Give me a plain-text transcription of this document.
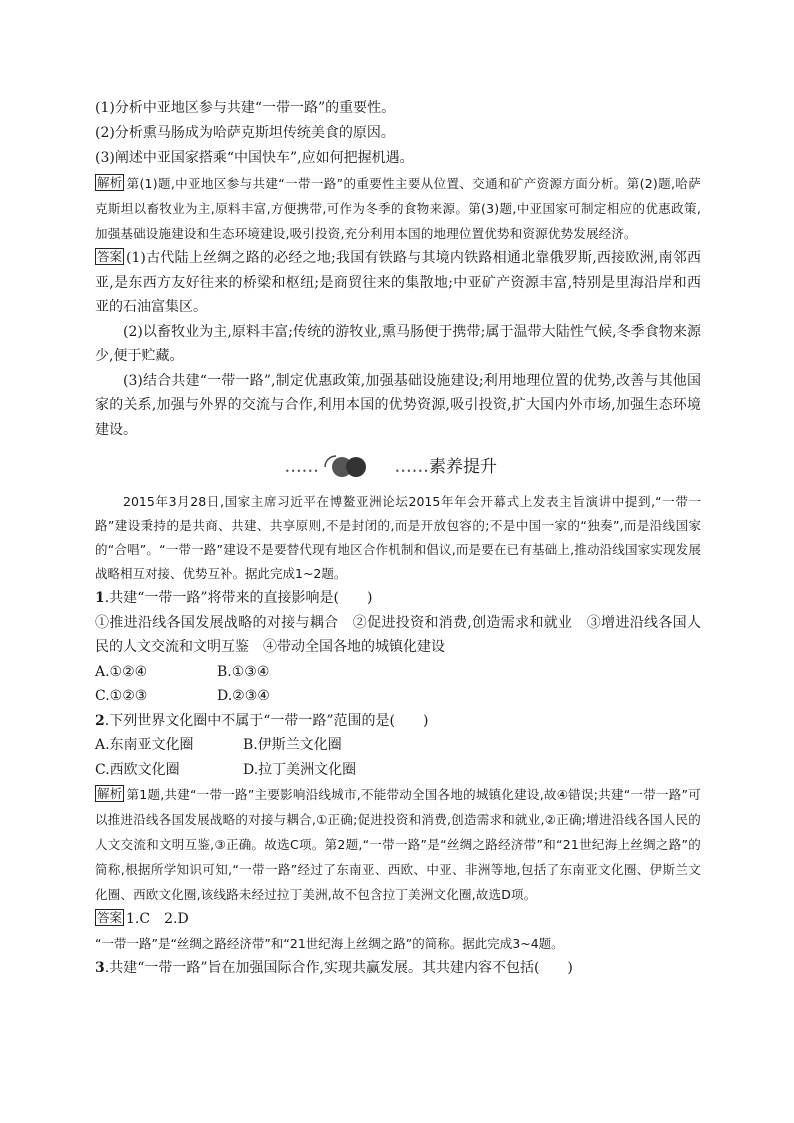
(1)分析中亚地区参与共建“一带一路”的重要性。
(2)分析熏马肠成为哈萨克斯坦传统美食的原因。
(3)阐述中亚国家搭乘“中国快车”,应如何把握机遇。
解析 第(1)题,中亚地区参与共建“一带一路”的重要性主要从位置、交通和矿产资源方面分析。第(2)题,哈萨克斯坦以畜牧业为主,原料丰富,方便携带,可作为冬季的食物来源。第(3)题,中亚国家可制定相应的优惠政策,加强基础设施建设和生态环境建设,吸引投资,充分利用本国的地理位置优势和资源优势发展经济。
答案 (1)古代陆上丝绸之路的必经之地;我国有铁路与其境内铁路相通北靠俄罗斯,西接欧洲,南邻西亚,是东西方友好往来的桥梁和枢纽;是商贸往来的集散地;中亚矿产资源丰富,特别是里海沿岸和西亚的石油富集区。
(2)以畜牧业为主,原料丰富;传统的游牧业,熏马肠便于携带;属于温带大陆性气候,冬季食物来源少,便于贮藏。
(3)结合共建“一带一路”,制定优惠政策,加强基础设施建设;利用地理位置的优势,改善与其他国家的关系,加强与外界的交流与合作,利用本国的优势资源,吸引投资,扩大国内外市场,加强生态环境建设。
••••••	•••••• 素养提升
2015年3月28日,国家主席习近平在博鳌亚洲论坛2015年年会开幕式上发表主旨演讲中提到,“一带一路”建设秉持的是共商、共建、共享原则,不是封闭的,而是开放包容的;不是中国一家的“独奏”,而是沿线国家的“合唱”。“一带一路”建设不是要替代现有地区合作机制和倡议,而是要在已有基础上,推动沿线国家实现发展战略相互对接、优势互补。据此完成1~2题。
1.共建“一带一路”将带来的直接影响是(　　)
①推进沿线各国发展战略的对接与耦合　②促进投资和消费,创造需求和就业　③增进沿线各国人民的人文交流和文明互鉴　④带动全国各地的城镇化建设
A.①②④	B.①③④
C.①②③	D.②③④
2.下列世界文化圈中不属于“一带一路”范围的是(　　)
A.东南亚文化圈	B.伊斯兰文化圈
C.西欧文化圈	D.拉丁美洲文化圈
解析 第1题,共建“一带一路”主要影响沿线城市,不能带动全国各地的城镇化建设,故④错误;共建“一带一路”可以推进沿线各国发展战略的对接与耦合,①正确;促进投资和消费,创造需求和就业,②正确;增进沿线各国人民的人文交流和文明互鉴,③正确。故选C项。第2题,“一带一路”是“丝绸之路经济带”和“21世纪海上丝绸之路”的简称,根据所学知识可知,“一带一路”经过了东南亚、西欧、中亚、非洲等地,包括了东南亚文化圈、伊斯兰文化圈、西欧文化圈,该线路未经过拉丁美洲,故不包含拉丁美洲文化圈,故选D项。
答案 1.C　2.D
“一带一路”是“丝绸之路经济带”和“21世纪海上丝绸之路”的简称。据此完成3~4题。
3.共建“一带一路”旨在加强国际合作,实现共赢发展。其共建内容不包括(　　)
